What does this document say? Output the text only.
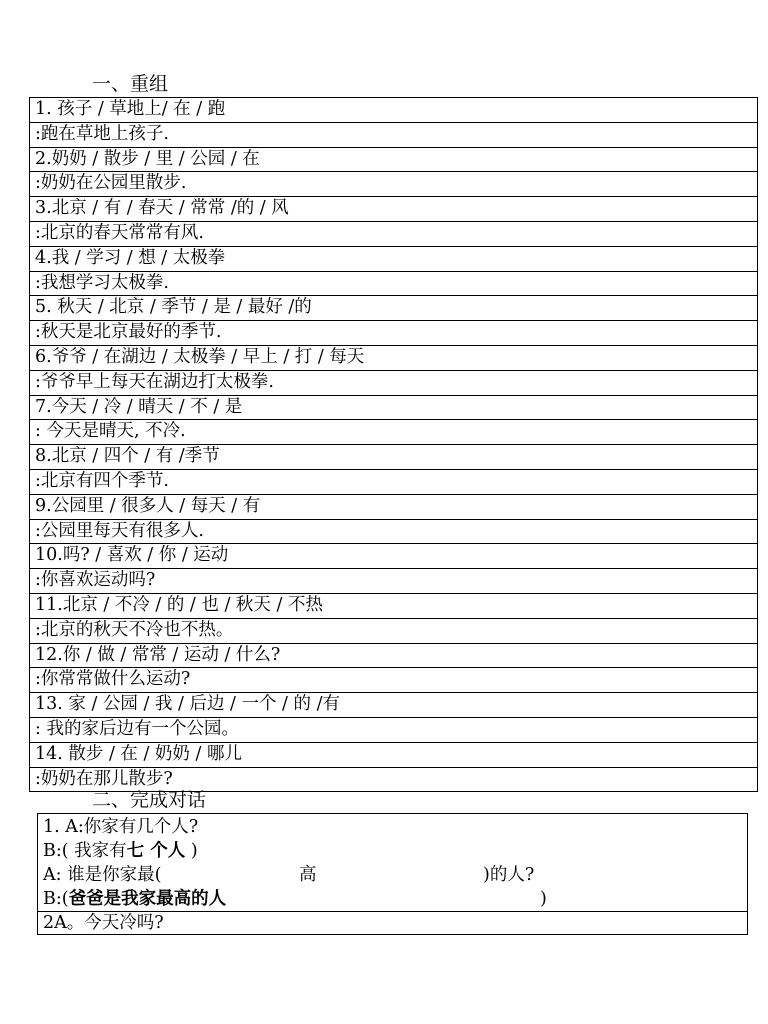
一、重组
1. 孩子 / 草地上/ 在 / 跑
:跑在草地上孩子.
2.奶奶 / 散步 / 里 / 公园 / 在
:奶奶在公园里散步.
3.北京 / 有 / 春天 / 常常 /的 / 风
:北京的春天常常有风.
4.我 / 学习 / 想 / 太极拳
:我想学习太极拳.
5. 秋天 / 北京 / 季节 / 是 / 最好 /的
:秋天是北京最好的季节.
6.爷爷 / 在湖边 / 太极拳 / 早上 / 打 / 每天
:爷爷早上每天在湖边打太极拳.
7.今天 / 冷 / 晴天 / 不 / 是
: 今天是晴天, 不冷.
8.北京 / 四个 / 有 /季节
:北京有四个季节.
9.公园里 / 很多人 / 每天 / 有
:公园里每天有很多人.
10.吗? / 喜欢 / 你 / 运动
:你喜欢运动吗?
11.北京 / 不冷 / 的 / 也 / 秋天 / 不热
:北京的秋天不冷也不热。
12.你 / 做 / 常常 / 运动 / 什么?
:你常常做什么运动?
13. 家 / 公园 / 我 / 后边 / 一个 / 的 /有
: 我的家后边有一个公园。
14. 散步 / 在 / 奶奶 / 哪儿
:奶奶在那儿散步?
二、完成对话
1. A:你家有几个人?
B:( 我家有七 个人 )
A: 谁是你家最(	高	)的人?
B:(爸爸是我家最高的人	)

2A。今天冷吗?
